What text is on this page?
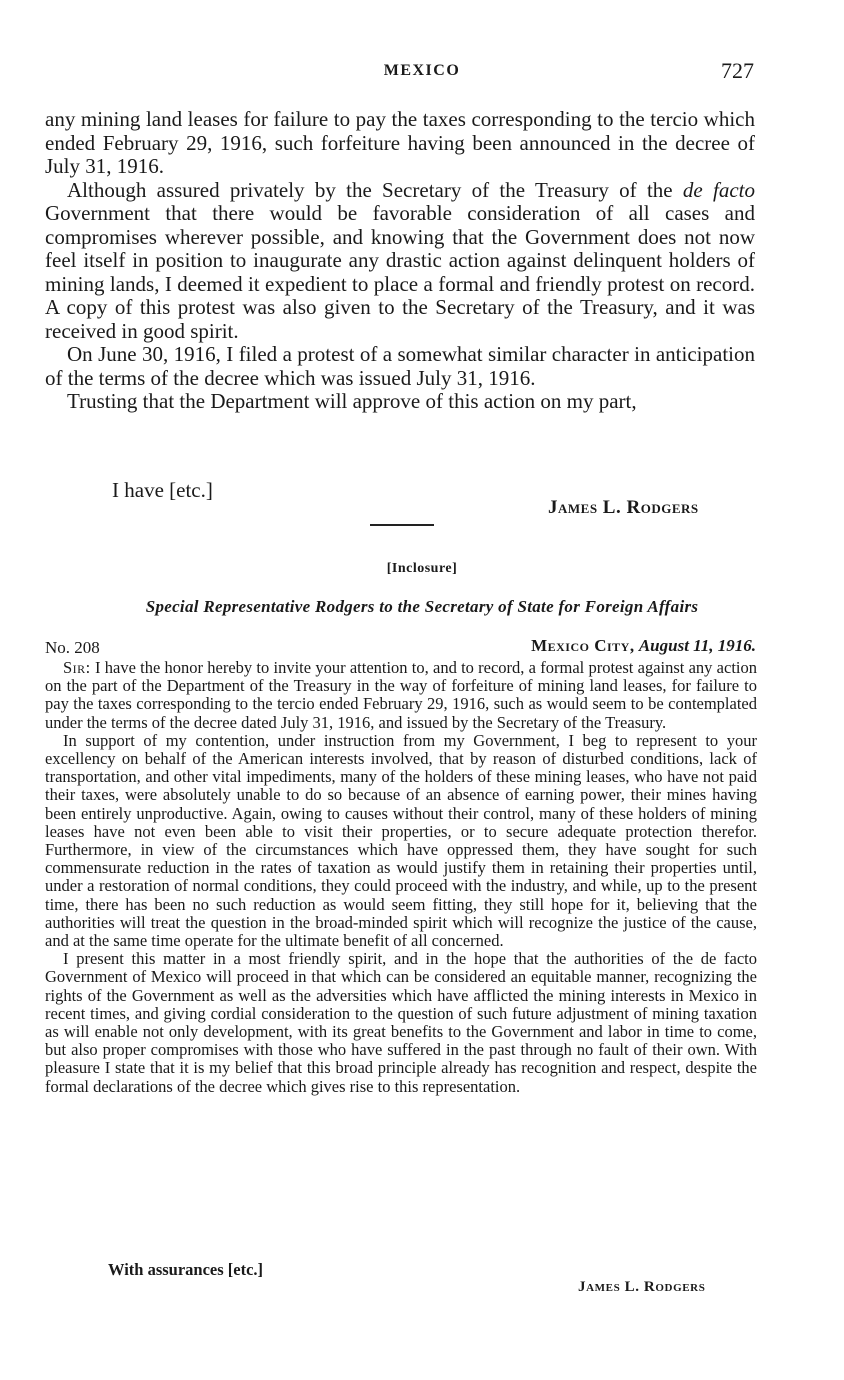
MEXICO	727

any mining land leases for failure to pay the taxes corresponding to the tercio which ended February 29, 1916, such forfeiture having been announced in the decree of July 31, 1916.

Although assured privately by the Secretary of the Treasury of the de facto Government that there would be favorable consideration of all cases and compromises wherever possible, and knowing that the Government does not now feel itself in position to inaugurate any drastic action against delinquent holders of mining lands, I deemed it expedient to place a formal and friendly protest on record. A copy of this protest was also given to the Secretary of the Treasury, and it was received in good spirit.

On June 30, 1916, I filed a protest of a somewhat similar character in anticipation of the terms of the decree which was issued July 31, 1916.

Trusting that the Department will approve of this action on my part,

I have [etc.]
James L. Rodgers
[Inclosure]
Special Representative Rodgers to the Secretary of State for Foreign Affairs
No. 208	Mexico City, August 11, 1916.

Sir: I have the honor hereby to invite your attention to, and to record, a formal protest against any action on the part of the Department of the Treasury in the way of forfeiture of mining land leases, for failure to pay the taxes corresponding to the tercio ended February 29, 1916, such as would seem to be contemplated under the terms of the decree dated July 31, 1916, and issued by the Secretary of the Treasury.

In support of my contention, under instruction from my Government, I beg to represent to your excellency on behalf of the American interests involved, that by reason of disturbed conditions, lack of transportation, and other vital impediments, many of the holders of these mining leases, who have not paid their taxes, were absolutely unable to do so because of an absence of earning power, their mines having been entirely unproductive. Again, owing to causes without their control, many of these holders of mining leases have not even been able to visit their properties, or to secure adequate protection therefor. Furthermore, in view of the circumstances which have oppressed them, they have sought for such commensurate reduction in the rates of taxation as would justify them in retaining their properties until, under a restoration of normal conditions, they could proceed with the industry, and while, up to the present time, there has been no such reduction as would seem fitting, they still hope for it, believing that the authorities will treat the question in the broad-minded spirit which will recognize the justice of the cause, and at the same time operate for the ultimate benefit of all concerned.

I present this matter in a most friendly spirit, and in the hope that the authorities of the de facto Government of Mexico will proceed in that which can be considered an equitable manner, recognizing the rights of the Government as well as the adversities which have afflicted the mining interests in Mexico in recent times, and giving cordial consideration to the question of such future adjustment of mining taxation as will enable not only development, with its great benefits to the Government and labor in time to come, but also proper compromises with those who have suffered in the past through no fault of their own. With pleasure I state that it is my belief that this broad principle already has recognition and respect, despite the formal declarations of the decree which gives rise to this representation.

With assurances [etc.]
James L. Rodgers
